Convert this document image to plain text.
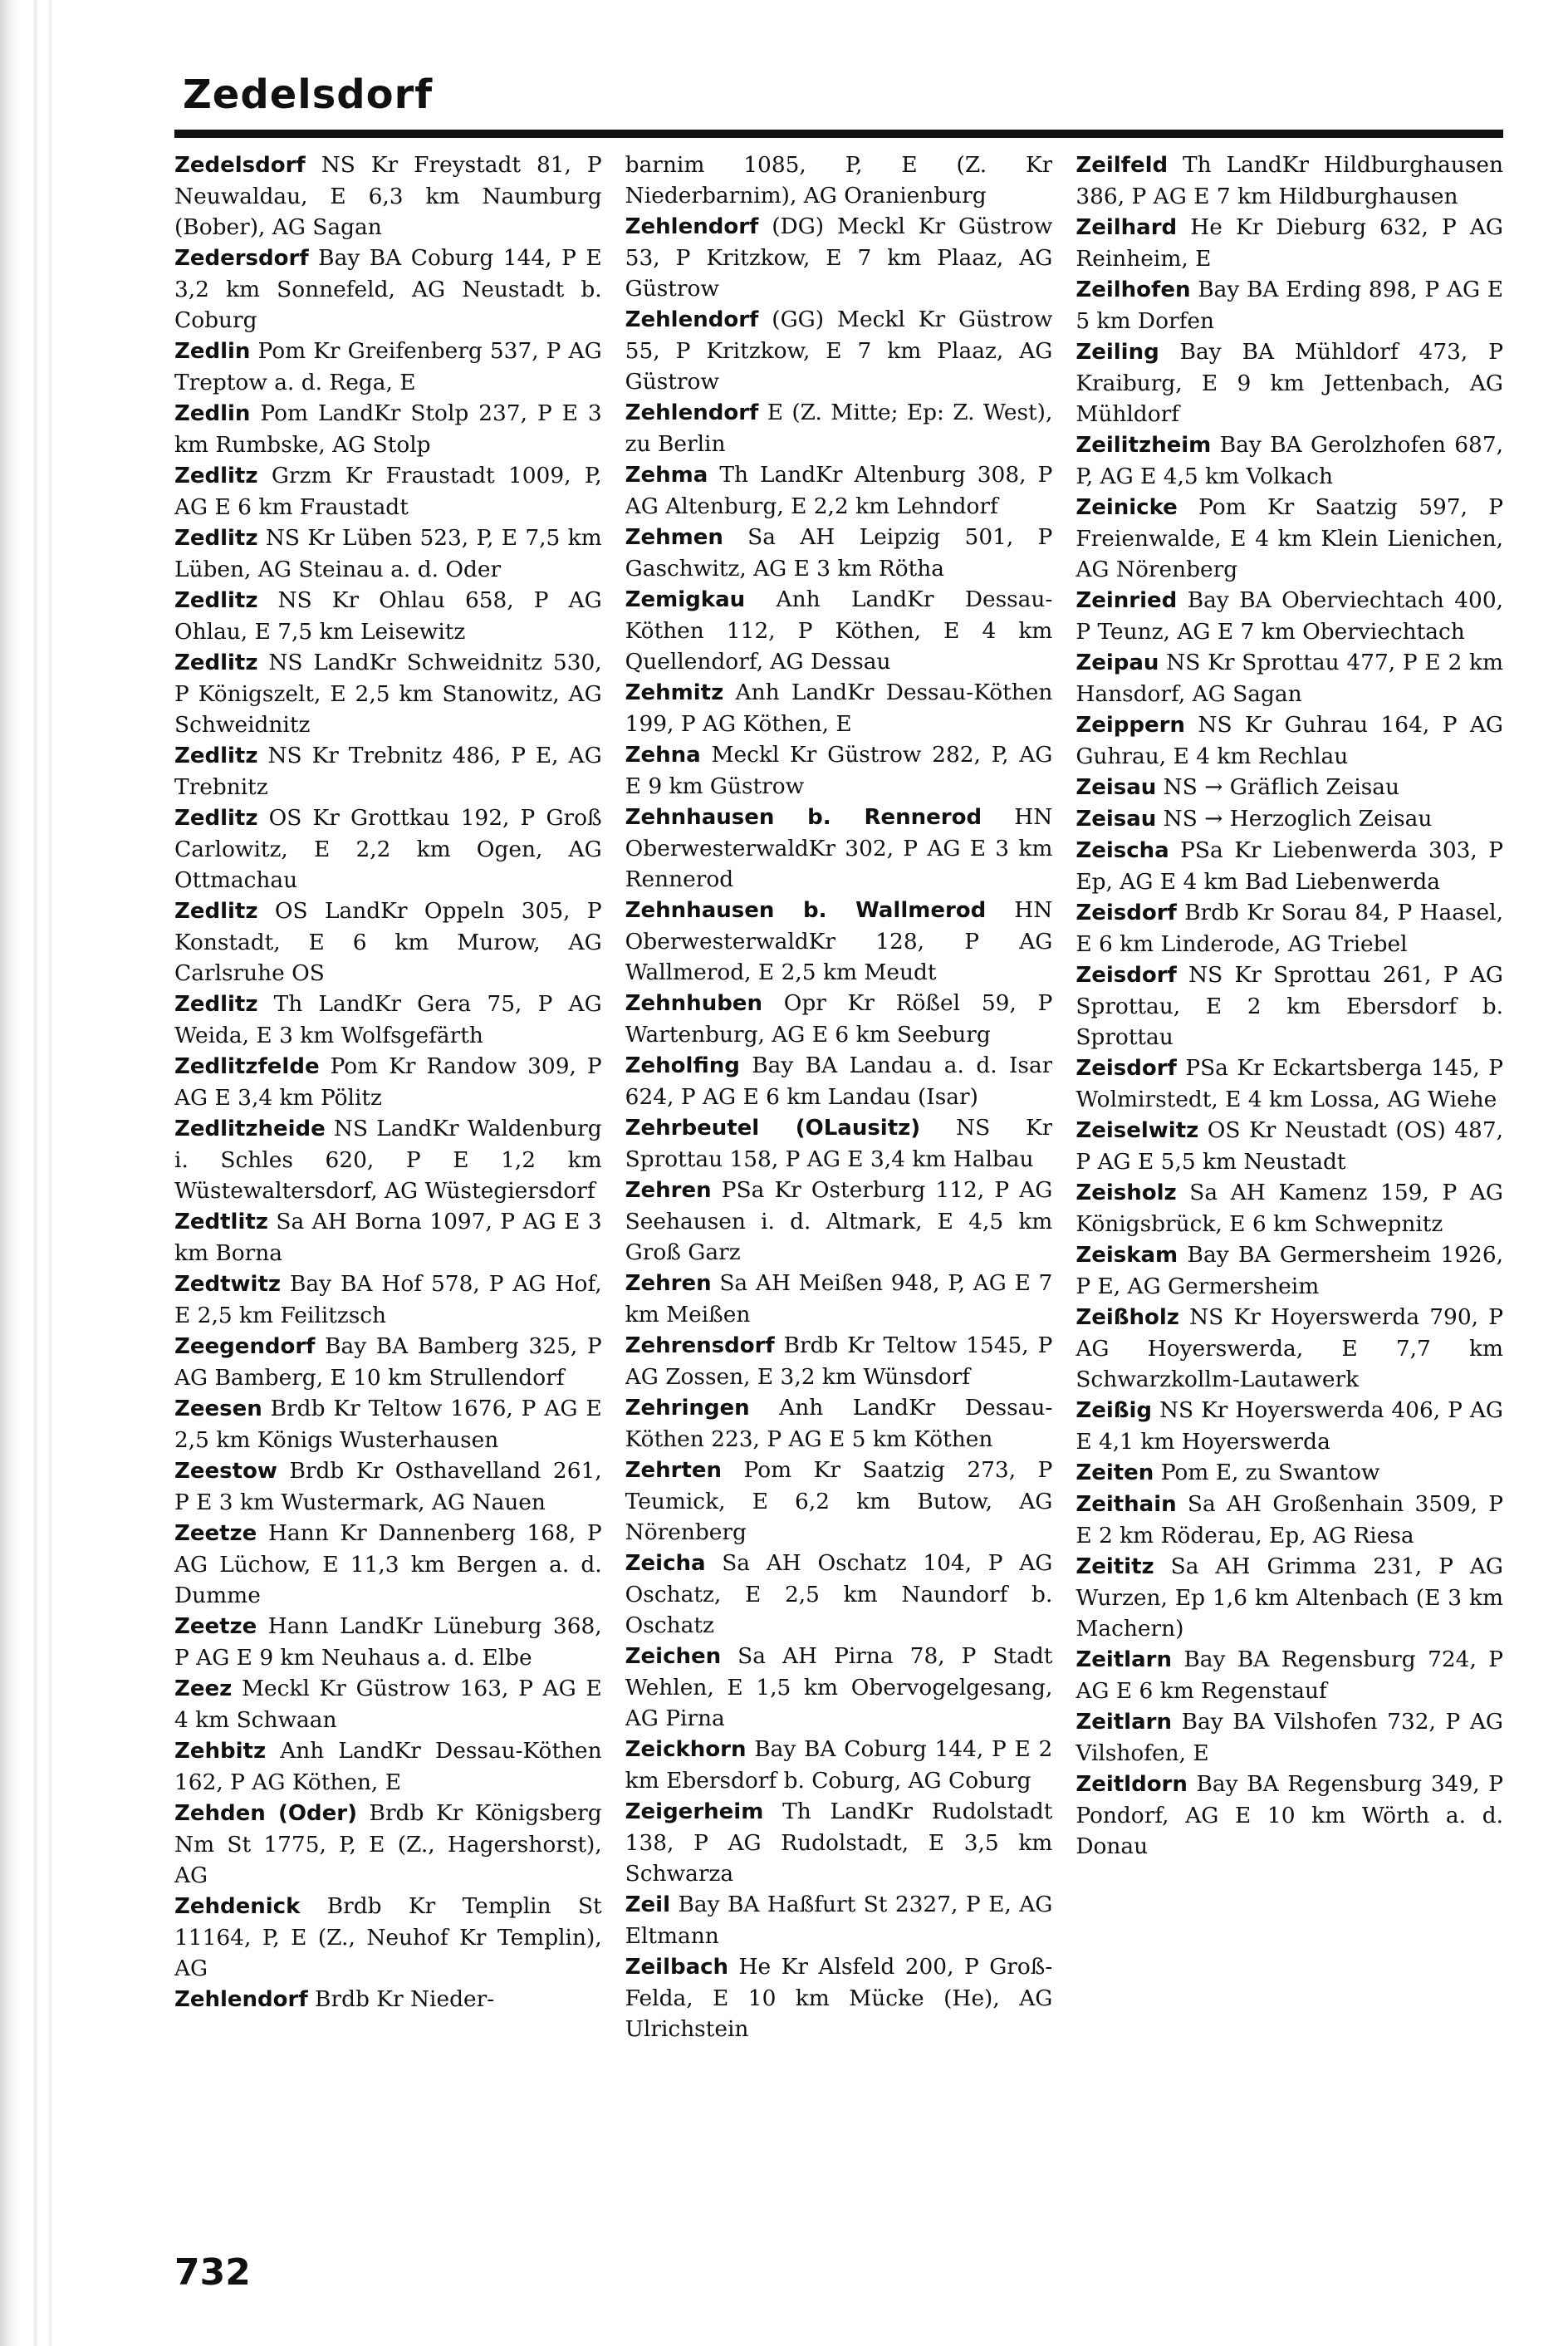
Zedelsdorf

Zedelsdorf NS Kr Freystadt 81, P Neuwaldau, E 6,3 km Naumburg (Bober), AG Sagan

Zedersdorf Bay BA Coburg 144, P E 3,2 km Sonnefeld, AG Neustadt b. Coburg

Zedlin Pom Kr Greifenberg 537, P AG Treptow a. d. Rega, E

Zedlin Pom LandKr Stolp 237, P E 3 km Rumbske, AG Stolp

Zedlitz Grzm Kr Fraustadt 1009, P, AG E 6 km Fraustadt

Zedlitz NS Kr Lüben 523, P, E 7,5 km Lüben, AG Steinau a. d. Oder

Zedlitz NS Kr Ohlau 658, P AG Ohlau, E 7,5 km Leisewitz

Zedlitz NS LandKr Schweidnitz 530, P Königszelt, E 2,5 km Stanowitz, AG Schweidnitz

Zedlitz NS Kr Trebnitz 486, P E, AG Trebnitz

Zedlitz OS Kr Grottkau 192, P Groß Carlowitz, E 2,2 km Ogen, AG Ottmachau

Zedlitz OS LandKr Oppeln 305, P Konstadt, E 6 km Murow, AG Carlsruhe OS

Zedlitz Th LandKr Gera 75, P AG Weida, E 3 km Wolfsgefärth

Zedlitzfelde Pom Kr Randow 309, P AG E 3,4 km Pölitz

Zedlitzheide NS LandKr Waldenburg i. Schles 620, P E 1,2 km Wüstewaltersdorf, AG Wüstegiersdorf

Zedtlitz Sa AH Borna 1097, P AG E 3 km Borna

Zedtwitz Bay BA Hof 578, P AG Hof, E 2,5 km Feilitzsch

Zeegendorf Bay BA Bamberg 325, P AG Bamberg, E 10 km Strullendorf

Zeesen Brdb Kr Teltow 1676, P AG E 2,5 km Königs Wusterhausen

Zeestow Brdb Kr Osthavelland 261, P E 3 km Wustermark, AG Nauen

Zeetze Hann Kr Dannenberg 168, P AG Lüchow, E 11,3 km Bergen a. d. Dumme

Zeetze Hann LandKr Lüneburg 368, P AG E 9 km Neuhaus a. d. Elbe

Zeez Meckl Kr Güstrow 163, P AG E 4 km Schwaan

Zehbitz Anh LandKr Dessau-Köthen 162, P AG Köthen, E

Zehden (Oder) Brdb Kr Königsberg Nm St 1775, P, E (Z., Hagershorst), AG

Zehdenick Brdb Kr Templin St 11164, P, E (Z., Neuhof Kr Templin), AG

Zehlendorf Brdb Kr Nieder-

barnim 1085, P, E (Z. Kr Niederbarnim), AG Oranienburg

Zehlendorf (DG) Meckl Kr Güstrow 53, P Kritzkow, E 7 km Plaaz, AG Güstrow

Zehlendorf (GG) Meckl Kr Güstrow 55, P Kritzkow, E 7 km Plaaz, AG Güstrow

Zehlendorf E (Z. Mitte; Ep: Z. West), zu Berlin

Zehma Th LandKr Altenburg 308, P AG Altenburg, E 2,2 km Lehndorf

Zehmen Sa AH Leipzig 501, P Gaschwitz, AG E 3 km Rötha

Zemigkau Anh LandKr Dessau-Köthen 112, P Köthen, E 4 km Quellendorf, AG Dessau

Zehmitz Anh LandKr Dessau-Köthen 199, P AG Köthen, E

Zehna Meckl Kr Güstrow 282, P, AG E 9 km Güstrow

Zehnhausen b. Rennerod HN OberwesterwaldKr 302, P AG E 3 km Rennerod

Zehnhausen b. Wallmerod HN OberwesterwaldKr 128, P AG Wallmerod, E 2,5 km Meudt

Zehnhuben Opr Kr Rößel 59, P Wartenburg, AG E 6 km Seeburg

Zeholfing Bay BA Landau a. d. Isar 624, P AG E 6 km Landau (Isar)

Zehrbeutel (OLausitz) NS Kr Sprottau 158, P AG E 3,4 km Halbau

Zehren PSa Kr Osterburg 112, P AG Seehausen i. d. Altmark, E 4,5 km Groß Garz

Zehren Sa AH Meißen 948, P, AG E 7 km Meißen

Zehrensdorf Brdb Kr Teltow 1545, P AG Zossen, E 3,2 km Wünsdorf

Zehringen Anh LandKr Dessau-Köthen 223, P AG E 5 km Köthen

Zehrten Pom Kr Saatzig 273, P Teumick, E 6,2 km Butow, AG Nörenberg

Zeicha Sa AH Oschatz 104, P AG Oschatz, E 2,5 km Naundorf b. Oschatz

Zeichen Sa AH Pirna 78, P Stadt Wehlen, E 1,5 km Obervogelgesang, AG Pirna

Zeickhorn Bay BA Coburg 144, P E 2 km Ebersdorf b. Coburg, AG Coburg

Zeigerheim Th LandKr Rudolstadt 138, P AG Rudolstadt, E 3,5 km Schwarza

Zeil Bay BA Haßfurt St 2327, P E, AG Eltmann

Zeilbach He Kr Alsfeld 200, P Groß-Felda, E 10 km Mücke (He), AG Ulrichstein

Zeilfeld Th LandKr Hildburghausen 386, P AG E 7 km Hildburghausen

Zeilhard He Kr Dieburg 632, P AG Reinheim, E

Zeilhofen Bay BA Erding 898, P AG E 5 km Dorfen

Zeiling Bay BA Mühldorf 473, P Kraiburg, E 9 km Jettenbach, AG Mühldorf

Zeilitzheim Bay BA Gerolzhofen 687, P, AG E 4,5 km Volkach

Zeinicke Pom Kr Saatzig 597, P Freienwalde, E 4 km Klein Lienichen, AG Nörenberg

Zeinried Bay BA Oberviechtach 400, P Teunz, AG E 7 km Oberviechtach

Zeipau NS Kr Sprottau 477, P E 2 km Hansdorf, AG Sagan

Zeippern NS Kr Guhrau 164, P AG Guhrau, E 4 km Rechlau

Zeisau NS → Gräflich Zeisau

Zeisau NS → Herzoglich Zeisau

Zeischa PSa Kr Liebenwerda 303, P Ep, AG E 4 km Bad Liebenwerda

Zeisdorf Brdb Kr Sorau 84, P Haasel, E 6 km Linderode, AG Triebel

Zeisdorf NS Kr Sprottau 261, P AG Sprottau, E 2 km Ebersdorf b. Sprottau

Zeisdorf PSa Kr Eckartsberga 145, P Wolmirstedt, E 4 km Lossa, AG Wiehe

Zeiselwitz OS Kr Neustadt (OS) 487, P AG E 5,5 km Neustadt

Zeisholz Sa AH Kamenz 159, P AG Königsbrück, E 6 km Schwepnitz

Zeiskam Bay BA Germersheim 1926, P E, AG Germersheim

Zeißholz NS Kr Hoyerswerda 790, P AG Hoyerswerda, E 7,7 km Schwarzkollm-Lautawerk

Zeißig NS Kr Hoyerswerda 406, P AG E 4,1 km Hoyerswerda

Zeiten Pom E, zu Swantow

Zeithain Sa AH Großenhain 3509, P E 2 km Röderau, Ep, AG Riesa

Zeititz Sa AH Grimma 231, P AG Wurzen, Ep 1,6 km Altenbach (E 3 km Machern)

Zeitlarn Bay BA Regensburg 724, P AG E 6 km Regenstauf

Zeitlarn Bay BA Vilshofen 732, P AG Vilshofen, E

Zeitldorn Bay BA Regensburg 349, P Pondorf, AG E 10 km Wörth a. d. Donau

732
